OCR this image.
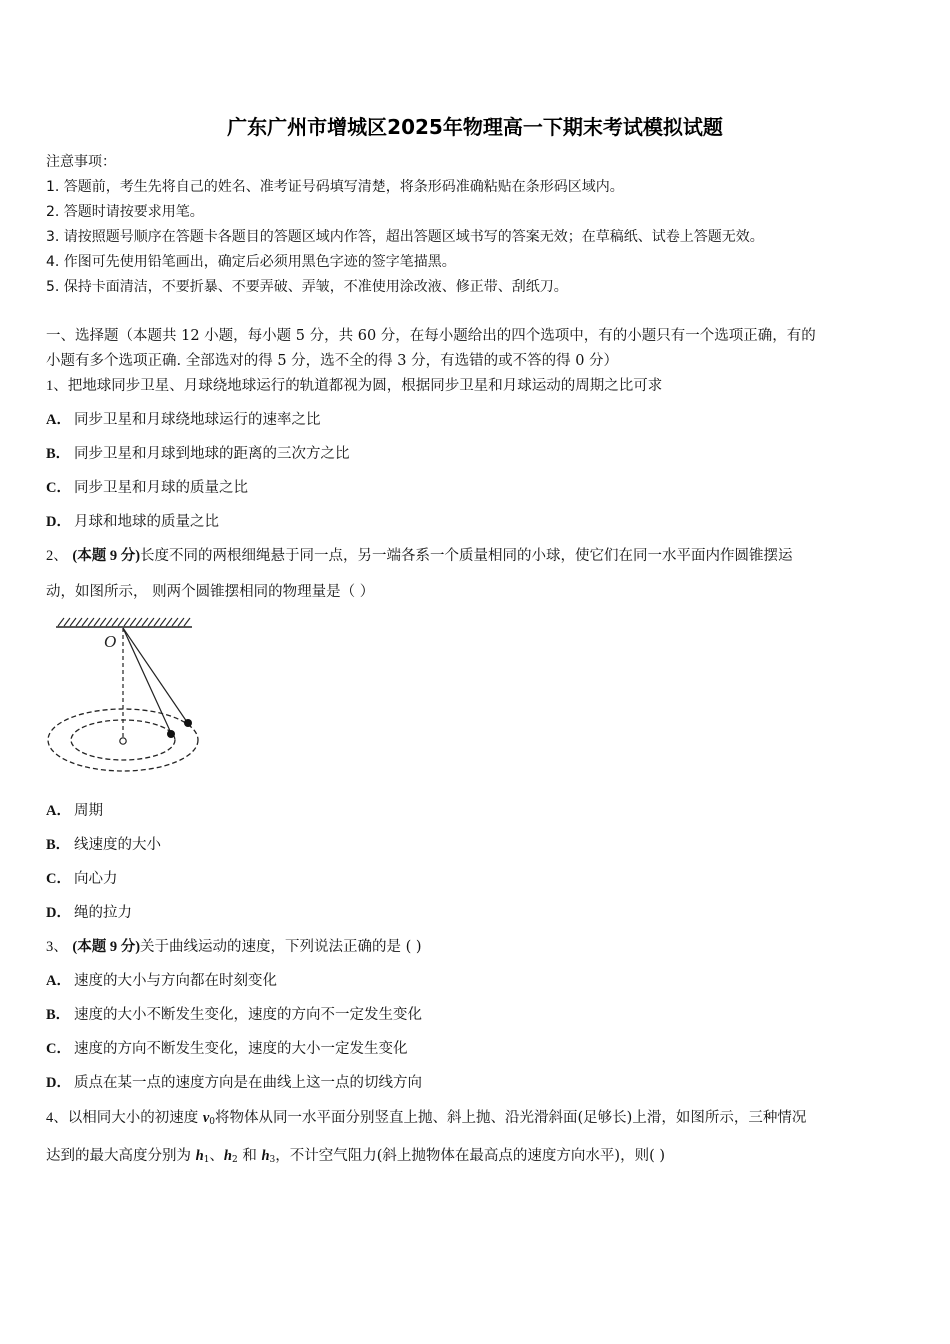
广东广州市增城区2025年物理高一下期末考试模拟试题
注意事项：
1. 答题前，考生先将自己的姓名、准考证号码填写清楚，将条形码准确粘贴在条形码区域内。
2. 答题时请按要求用笔。
3. 请按照题号顺序在答题卡各题目的答题区域内作答，超出答题区域书写的答案无效；在草稿纸、试卷上答题无效。
4. 作图可先使用铅笔画出，确定后必须用黑色字迹的签字笔描黑。
5. 保持卡面清洁，不要折暴、不要弄破、弄皱，不准使用涂改液、修正带、刮纸刀。
一、选择题（本题共 12 小题，每小题 5 分，共 60 分，在每小题给出的四个选项中，有的小题只有一个选项正确，有的
小题有多个选项正确. 全部选对的得 5 分，选不全的得 3 分，有选错的或不答的得 0 分）
1、把地球同步卫星、月球绕地球运行的轨道都视为圆，根据同步卫星和月球运动的周期之比可求
A． 同步卫星和月球绕地球运行的速率之比
B． 同步卫星和月球到地球的距离的三次方之比
C． 同步卫星和月球的质量之比
D． 月球和地球的质量之比
2、 (本题 9 分)长度不同的两根细绳悬于同一点，另一端各系一个质量相同的小球，使它们在同一水平面内作圆锥摆运
动，如图所示， 则两个圆锥摆相同的物理量是（ ）
O
A． 周期
B． 线速度的大小
C． 向心力
D． 绳的拉力
3、 (本题 9 分)关于曲线运动的速度，下列说法正确的是 ( )
A． 速度的大小与方向都在时刻变化
B． 速度的大小不断发生变化，速度的方向不一定发生变化
C． 速度的方向不断发生变化，速度的大小一定发生变化
D． 质点在某一点的速度方向是在曲线上这一点的切线方向
4、以相同大小的初速度 $v_0$将物体从同一水平面分别竖直上抛、斜上抛、沿光滑斜面(足够长)上滑，如图所示，三种情况
达到的最大高度分别为 $h_1$、$h_2$ 和 $h_3$，不计空气阻力(斜上抛物体在最高点的速度方向水平)，则( )
